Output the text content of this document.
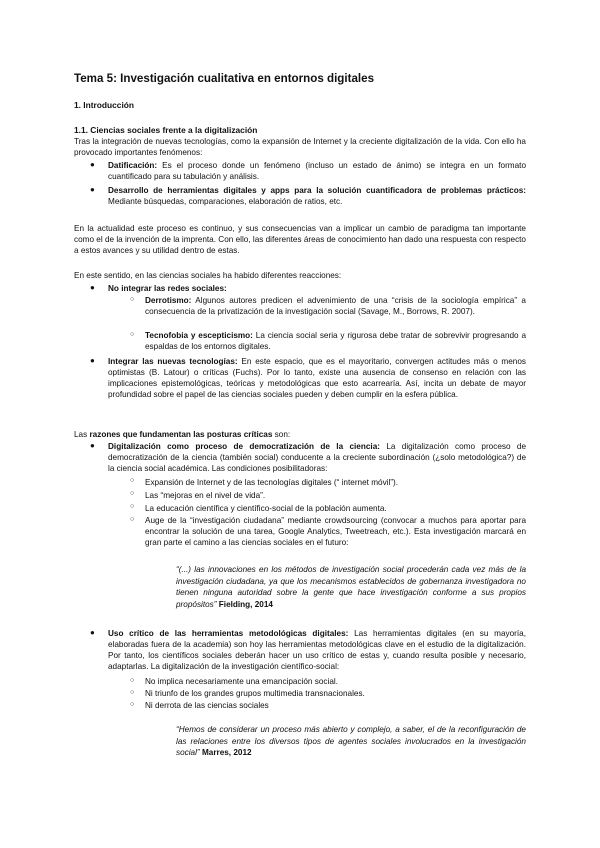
Tema 5: Investigación cualitativa en entornos digitales

1. Introducción

1.1. Ciencias sociales frente a la digitalización

Tras la integración de nuevas tecnologías, como la expansión de Internet y la creciente digitalización de la vida. Con ello ha provocado importantes fenómenos:

● Datificación: Es el proceso donde un fenómeno (incluso un estado de ánimo) se integra en un formato cuantificado para su tabulación y análisis.

● Desarrollo de herramientas digitales y apps para la solución cuantificadora de problemas prácticos: Mediante búsquedas, comparaciones, elaboración de ratios, etc.

En la actualidad este proceso es continuo, y sus consecuencias van a implicar un cambio de paradigma tan importante como el de la invención de la imprenta. Con ello, las diferentes áreas de conocimiento han dado una respuesta con respecto a estos avances y su utilidad dentro de estas.

En este sentido, en las ciencias sociales ha habido diferentes reacciones:

● No integrar las redes sociales:

○ Derrotismo: Algunos autores predicen el advenimiento de una “crisis de la sociología empírica” a consecuencia de la privatización de la investigación social (Savage, M., Borrows, R. 2007).

○ Tecnofobia y escepticismo: La ciencia social seria y rigurosa debe tratar de sobrevivir progresando a espaldas de los entornos digitales.

● Integrar las nuevas tecnologías: En este espacio, que es el mayoritario, convergen actitudes más o menos optimistas (B. Latour) o críticas (Fuchs). Por lo tanto, existe una ausencia de consenso en relación con las implicaciones epistemológicas, teóricas y metodológicas que esto acarrearía. Así, incita un debate de mayor profundidad sobre el papel de las ciencias sociales pueden y deben cumplir en la esfera pública.

Las razones que fundamentan las posturas críticas son:

● Digitalización como proceso de democratización de la ciencia: La digitalización como proceso de democratización de la ciencia (también social) conducente a la creciente subordinación (¿solo metodológica?) de la ciencia social académica. Las condiciones posibilitadoras:

○ Expansión de Internet y de las tecnologías digitales (“ internet móvil”).

○ Las “mejoras en el nivel de vida”.

○ La educación científica y científico-social de la población aumenta.

○ Auge de la “investigación ciudadana” mediante crowdsourcing (convocar a muchos para aportar para encontrar la solución de una tarea, Google Analytics, Tweetreach, etc.). Esta investigación marcará en gran parte el camino a las ciencias sociales en el futuro:

“(...) las innovaciones en los métodos de investigación social procederán cada vez más de la investigación ciudadana, ya que los mecanismos establecidos de gobernanza investigadora no tienen ninguna autoridad sobre la gente que hace investigación conforme a sus propios propósitos” Fielding, 2014

● Uso crítico de las herramientas metodológicas digitales: Las herramientas digitales (en su mayoría, elaboradas fuera de la academia) son hoy las herramientas metodológicas clave en el estudio de la digitalización. Por tanto, los científicos sociales deberán hacer un uso crítico de estas y, cuando resulta posible y necesario, adaptarlas. La digitalización de la investigación científico-social:

○ No implica necesariamente una emancipación social.

○ Ni triunfo de los grandes grupos multimedia transnacionales.

○ Ni derrota de las ciencias sociales

“Hemos de considerar un proceso más abierto y complejo, a saber, el de la reconfiguración de las relaciones entre los diversos tipos de agentes sociales involucrados en la investigación social” Marres, 2012
